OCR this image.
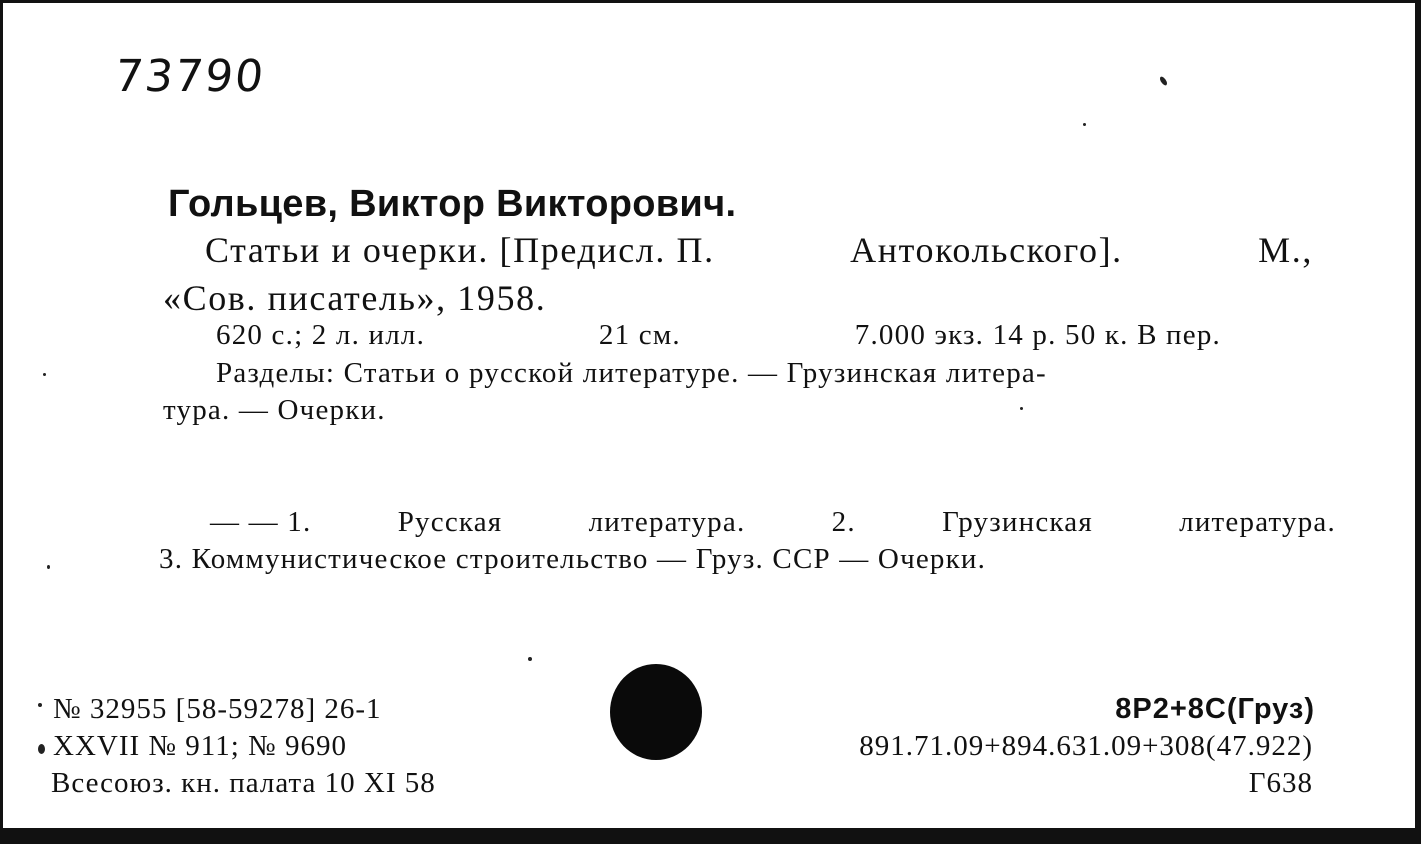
73790
Гольцев, Виктор Викторович.
Статьи и очерки. [Предисл. П.	Антокольского].	М.,
«Сов. писатель», 1958.
620 с.; 2 л. илл.	21 см.	7.000 экз. 14 р. 50 к. В пер.
Разделы: Статьи о русской литературе. — Грузинская литера-
тура. — Очерки.
— — 1.	Русская	литература.	2.	Грузинская	литература.
3. Коммунистическое строительство — Груз. ССР — Очерки.
№ 32955 [58-59278] 26-1
XXVII № 911; № 9690
Всесоюз. кн. палата 10 XI 58
8Р2+8С(Груз)
891.71.09+894.631.09+308(47.922)
Г638
